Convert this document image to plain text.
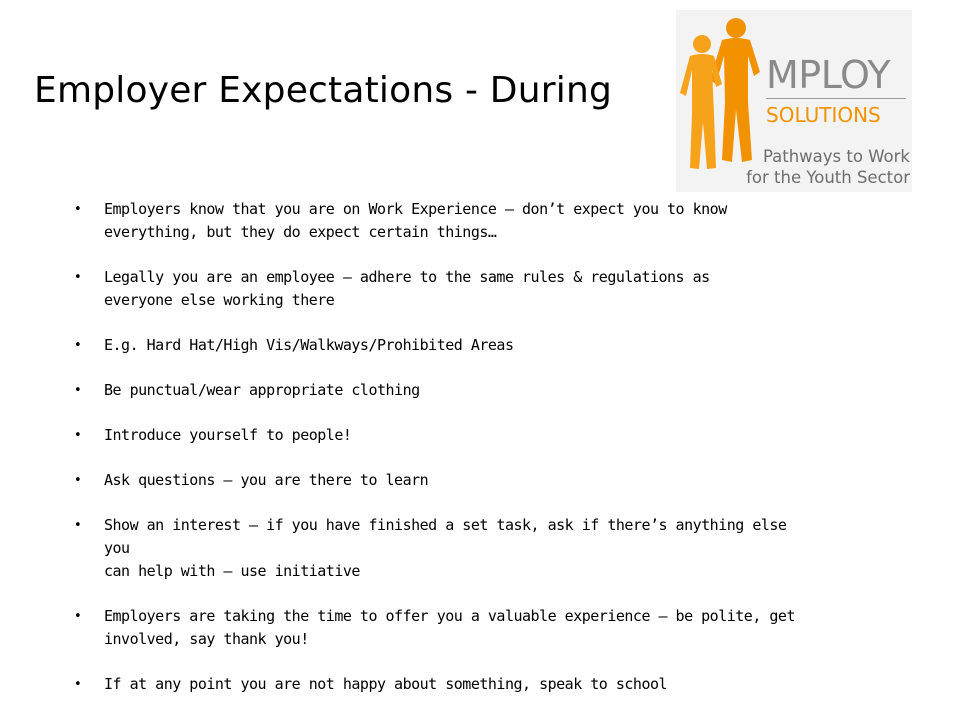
Employer Expectations - During	MPLOY
SOLUTIONS
Pathways to Work
for the Youth Sector
• Employers know that you are on Work Experience – don’t expect you to know
everything, but they do expect certain things…
• Legally you are an employee – adhere to the same rules & regulations as
everyone else working there
• E.g. Hard Hat/High Vis/Walkways/Prohibited Areas
• Be punctual/wear appropriate clothing
• Introduce yourself to people!
• Ask questions – you are there to learn
• Show an interest – if you have finished a set task, ask if there’s anything else you
can help with – use initiative
• Employers are taking the time to offer you a valuable experience – be polite, get
involved, say thank you!
• If at any point you are not happy about something, speak to school
